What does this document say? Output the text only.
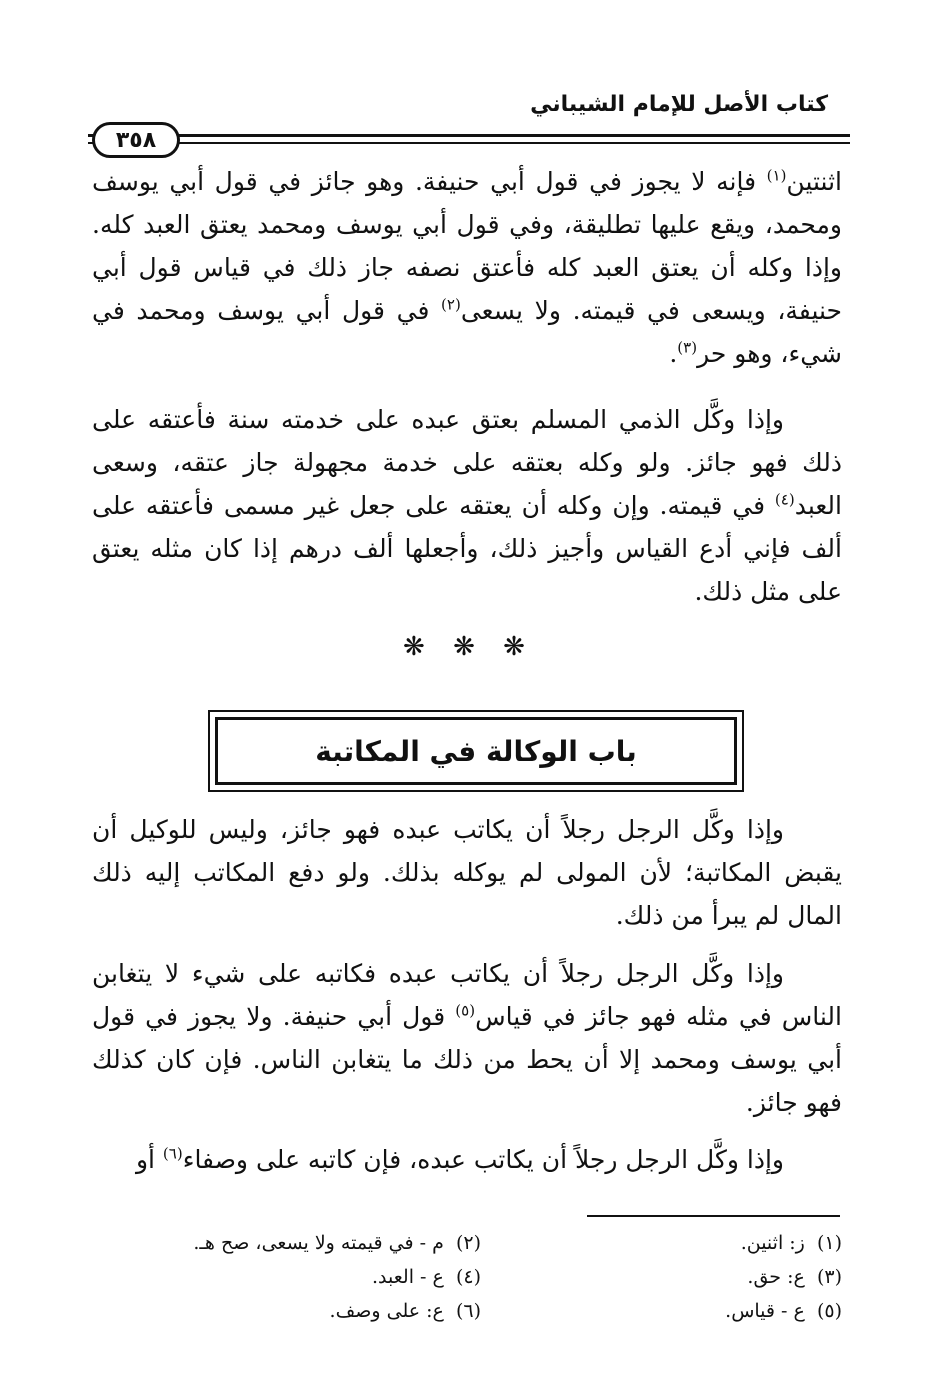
كتاب الأصل للإمام الشيباني
٣٥٨

اثنتين$^{(١)}$ فإنه لا يجوز في قول أبي حنيفة. وهو جائز في قول أبي يوسف ومحمد، ويقع عليها تطليقة، وفي قول أبي يوسف ومحمد يعتق العبد كله. وإذا وكله أن يعتق العبد كله فأعتق نصفه جاز ذلك في قياس قول أبي حنيفة، ويسعى في قيمته. ولا يسعى$^{(٢)}$ في قول أبي يوسف ومحمد في شيء، وهو حر$^{(٣)}$.

وإذا وكَّل الذمي المسلم بعتق عبده على خدمته سنة فأعتقه على ذلك فهو جائز. ولو وكله بعتقه على خدمة مجهولة جاز عتقه، وسعى العبد$^{(٤)}$ في قيمته. وإن وكله أن يعتقه على جعل غير مسمى فأعتقه على ألف فإني أدع القياس وأجيز ذلك، وأجعلها ألف درهم إذا كان مثله يعتق على مثل ذلك.

❋ ❋ ❋
باب الوكالة في المكاتبة

وإذا وكَّل الرجل رجلاً أن يكاتب عبده فهو جائز، وليس للوكيل أن يقبض المكاتبة؛ لأن المولى لم يوكله بذلك. ولو دفع المكاتب إليه ذلك المال لم يبرأ من ذلك.

وإذا وكَّل الرجل رجلاً أن يكاتب عبده فكاتبه على شيء لا يتغابن الناس في مثله فهو جائز في قياس$^{(٥)}$ قول أبي حنيفة. ولا يجوز في قول أبي يوسف ومحمد إلا أن يحط من ذلك ما يتغابن الناس. فإن كان كذلك فهو جائز.

وإذا وكَّل الرجل رجلاً أن يكاتب عبده، فإن كاتبه على وصفاء$^{(٦)}$ أو

(١)  ز: اثنين.
(٢)  م - في قيمته ولا يسعى، صح هـ.
(٣)  ع: حق.
(٤)  ع - العبد.
(٥)  ع - قياس.
(٦)  ع: على وصف.
